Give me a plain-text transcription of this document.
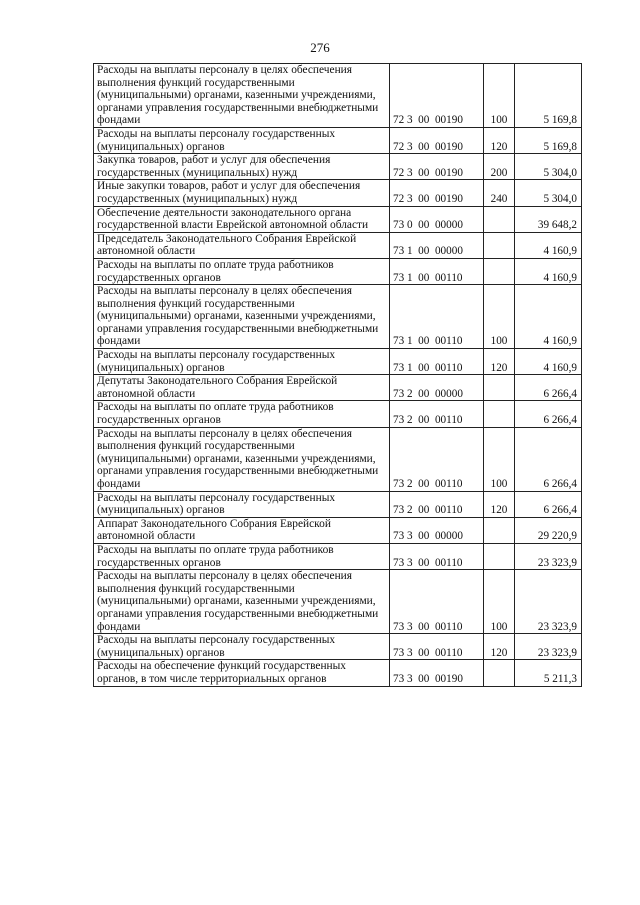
276
Расходы на выплаты персоналу в целях обеспечения выполнения функций государственными (муниципальными) органами, казенными учреждениями, органами управления государственными внебюджетными фондами	72 3  00  00190	100	5 169,8
Расходы на выплаты персоналу государственных (муниципальных) органов	72 3  00  00190	120	5 169,8
Закупка товаров, работ и услуг для обеспечения государственных (муниципальных) нужд	72 3  00  00190	200	5 304,0
Иные закупки товаров, работ и услуг для обеспечения государственных (муниципальных) нужд	72 3  00  00190	240	5 304,0
Обеспечение деятельности законодательного органа государственной власти Еврейской автономной области	73 0  00  00000		39 648,2
Председатель Законодательного Собрания Еврейской автономной области	73 1  00  00000		4 160,9
Расходы на выплаты по оплате труда работников государственных органов	73 1  00  00110		4 160,9
Расходы на выплаты персоналу в целях обеспечения выполнения функций государственными (муниципальными) органами, казенными учреждениями, органами управления государственными внебюджетными фондами	73 1  00  00110	100	4 160,9
Расходы на выплаты персоналу государственных (муниципальных) органов	73 1  00  00110	120	4 160,9
Депутаты Законодательного Собрания Еврейской автономной области	73 2  00  00000		6 266,4
Расходы на выплаты по оплате труда работников государственных органов	73 2  00  00110		6 266,4
Расходы на выплаты персоналу в целях обеспечения выполнения функций государственными (муниципальными) органами, казенными учреждениями, органами управления государственными внебюджетными фондами	73 2  00  00110	100	6 266,4
Расходы на выплаты персоналу государственных (муниципальных) органов	73 2  00  00110	120	6 266,4
Аппарат Законодательного Собрания Еврейской автономной области	73 3  00  00000		29 220,9
Расходы на выплаты по оплате труда работников государственных органов	73 3  00  00110		23 323,9
Расходы на выплаты персоналу в целях обеспечения выполнения функций государственными (муниципальными) органами, казенными учреждениями, органами управления государственными внебюджетными фондами	73 3  00  00110	100	23 323,9
Расходы на выплаты персоналу государственных (муниципальных) органов	73 3  00  00110	120	23 323,9
Расходы на обеспечение функций государственных органов, в том числе территориальных органов	73 3  00  00190		5 211,3
